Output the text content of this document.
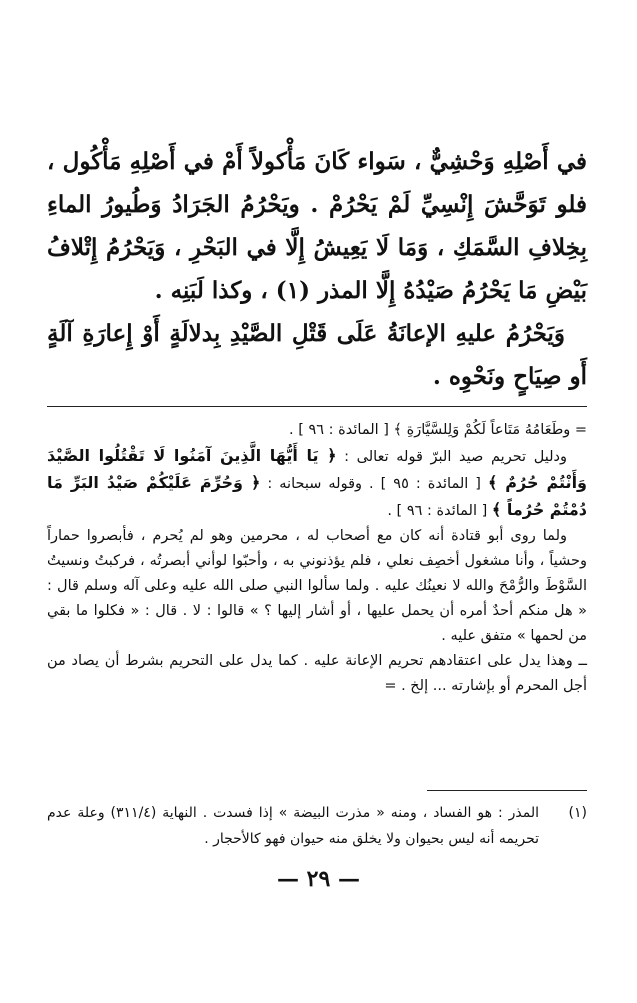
في أَصْلِهِ وَحْشِيٌّ ، سَواء كَانَ مَأْكولاً أَمْ في أَصْلِهِ مَأْكُول ، فلو تَوَحَّشَ إِنْسِيِّ لَمْ يَحْرُمْ . ويَحْرُمُ الجَرَادُ وَطُيورُ الماءِ بِخِلافِ السَّمَكِ ، وَمَا لَا يَعِيشُ إِلَّا في البَحْرِ ، وَيَحْرُمُ إِتْلافُ بَيْضِ مَا يَحْرُمُ صَيْدُهُ إِلَّا المذر (١) ، وكذا لَبَنِه .

وَيَحْرُمُ عليهِ الإعانَةُ عَلَى قَتْلِ الصَّيْدِ بِدلالَةٍ أَوْ إِعارَةِ آلَةٍ أَو صِيَاحٍ ونَحْوِه .

= وطَعَامُهُ مَتَاعاً لَكُمْ وَلِلسَّيَّارَةِ ﴾ [ المائدة : ٩٦ ] .

ودليل تحريم صيد البرّ قوله تعالى : ﴿ يَا أَيُّهَا الَّذِينَ آمَنُوا لَا تَقْتُلُوا الصَّيْدَ وَأَنْتُمْ حُرُمٌ ﴾ [ المائدة : ٩٥ ] . وقوله سبحانه : ﴿ وَحُرِّمَ عَلَيْكُمْ صَيْدُ البَرِّ مَا دُمْتُمْ حُرُماً ﴾ [ المائدة : ٩٦ ] .

ولما روى أبو قتادة أنه كان مع أصحاب له ، محرمين وهو لم يُحرم ، فأبصروا حماراً وحشياً ، وأنا مشغول أخصِف نعلي ، فلم يؤذنوني به ، وأحبّوا لوأني أبصرتُه ، فركبتُ ونسيتُ السَّوْطَ والرُّمْحَ والله لا نعينُك عليه . ولما سألوا النبي صلى الله عليه وعلى آله وسلم قال : « هل منكم أحدٌ أمره أن يحمل عليها ، أو أشار إليها ؟ » قالوا : لا . قال : « فكلوا ما بقي من لحمها » متفق عليه .

ــ وهذا يدل على اعتقادهم تحريم الإعانة عليه . كما يدل على التحريم بشرط أن يصاد من أجل المحرم أو بإشارته ... إلخ . =

(١)
المذر : هو الفساد ، ومنه « مذرت البيضة » إذا فسدت . النهاية (٣١١/٤) وعلة عدم تحريمه أنه ليس بحيوان ولا يخلق منه حيوان فهو كالأحجار .
— ٢٩ —
